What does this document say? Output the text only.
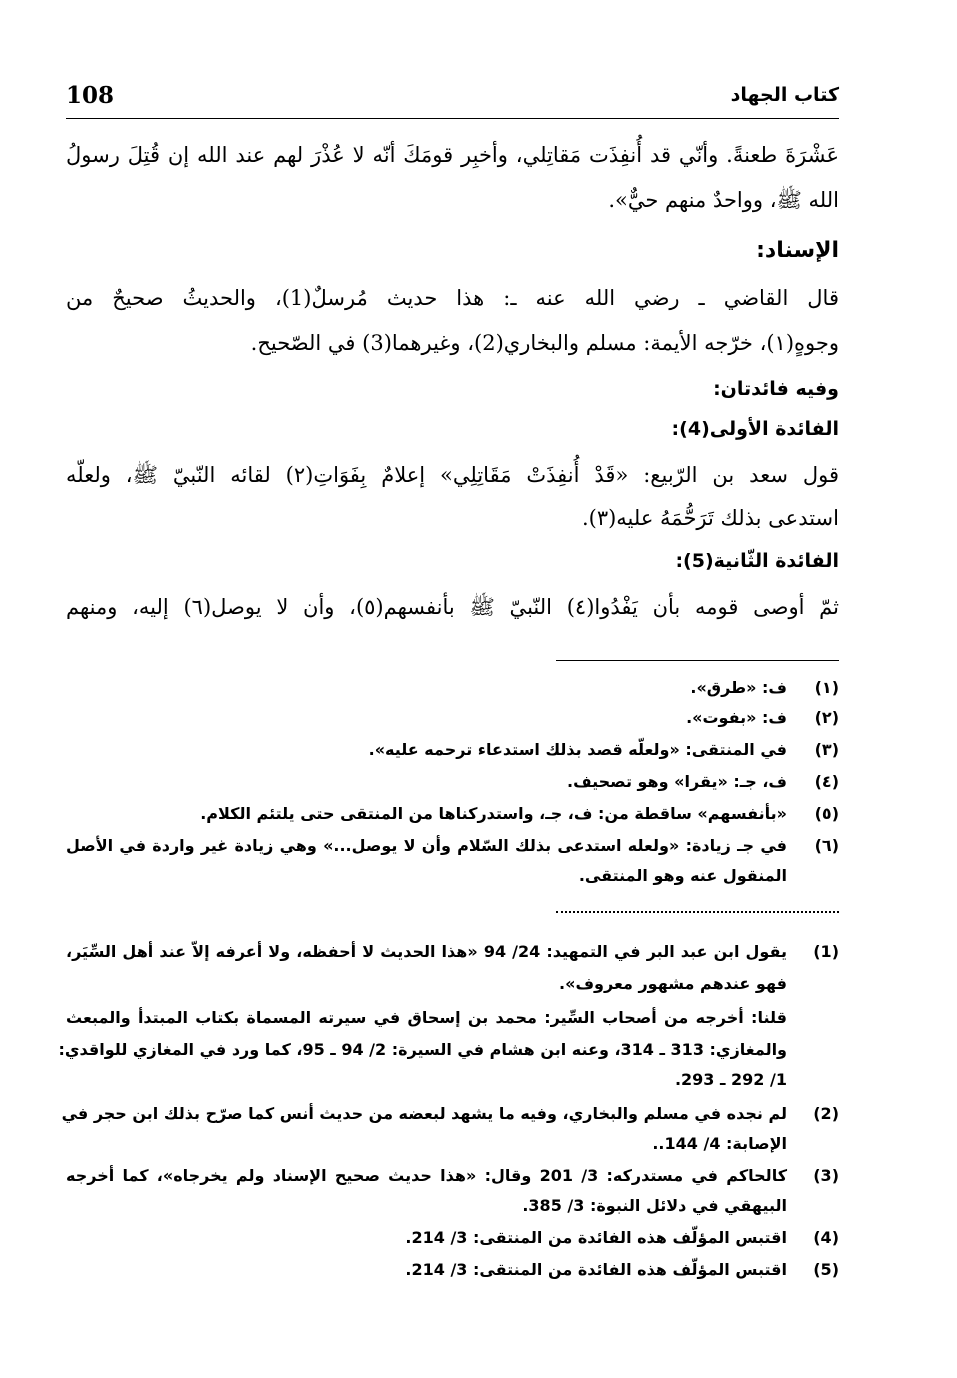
108	كتاب الجهاد
عَشْرَةَ طعنةً. وأنّي قد أُنفِذَت مَقاتِلي، وأخبِر قومَكَ أنّه لا عُذْرَ لهم عند الله إن قُتِلَ رسولُ
الله ﷺ، وواحدٌ منهم حيٌّ».
الإسناد:
قال القاضي ـ رضي الله عنه ـ: هذا حديث مُرسلٌ(1)، والحديثُ صحيحٌ من
وجوهٍ(١)، خرّجه الأيمة: مسلم والبخاري(2)، وغيرهما(3) في الصّحيح.
وفيه فائدتان:
الفائدة الأولى(4):
قول سعد بن الرّبيع: «قَدْ أُنفِذَتْ مَقَاتِلِي» إعلامٌ بِفَوَاتِ(٢) لقائه النّبيّ ﷺ، ولعلّه
استدعى بذلك تَرَحُّمَهُ عليه(٣).
الفائدة الثّانية(5):
ثمّ أوصى قومه بأن يَفْدُوا(٤) النّبيّ ﷺ بأنفسهم(٥)، وأن لا يوصل(٦) إليه، ومنهم
(١)
ف: «طرق».
(٢)
ف: «بفوت».
(٣)
في المنتقى: «ولعلّه قصد بذلك استدعاء ترحمه عليه».
(٤)
ف، جـ: «يقرا» وهو تصحيف.
(٥)
«بأنفسهم» ساقطة من: ف، جـ، واستدركناها من المنتقى حتى يلتئم الكلام.
(٦)
في جـ زيادة: «ولعله استدعى بذلك السّلام وأن لا يوصل...» وهي زيادة غير واردة في الأصل
المنقول عنه وهو المنتقى.
(1)
يقول ابن عبد البر في التمهيد: 24/ 94 «هذا الحديث لا أحفظه، ولا أعرفه إلاّ عند أهل السِّيَر،
فهو عندهم مشهور معروف».
قلنا: أخرجه من أصحاب السِّير: محمد بن إسحاق في سيرته المسماة بكتاب المبتدأ والمبعث
والمغازي: 313 ـ 314، وعنه ابن هشام في السيرة: 2/ 94 ـ 95، كما ورد في المغازي للواقدي:
1/ 292 ـ 293.
(2)
لم نجده في مسلم والبخاري، وفيه ما يشهد لبعضه من حديث أنس كما صرّح بذلك ابن حجر في
الإصابة: 4/ 144..
(3)
كالحاكم في مستدركه: 3/ 201 وقال: «هذا حديث صحيح الإسناد ولم يخرجاه»، كما أخرجه
البيهقي في دلائل النبوة: 3/ 385.
(4)
اقتبس المؤلّف هذه الفائدة من المنتقى: 3/ 214.
(5)
اقتبس المؤلّف هذه الفائدة من المنتقى: 3/ 214.
